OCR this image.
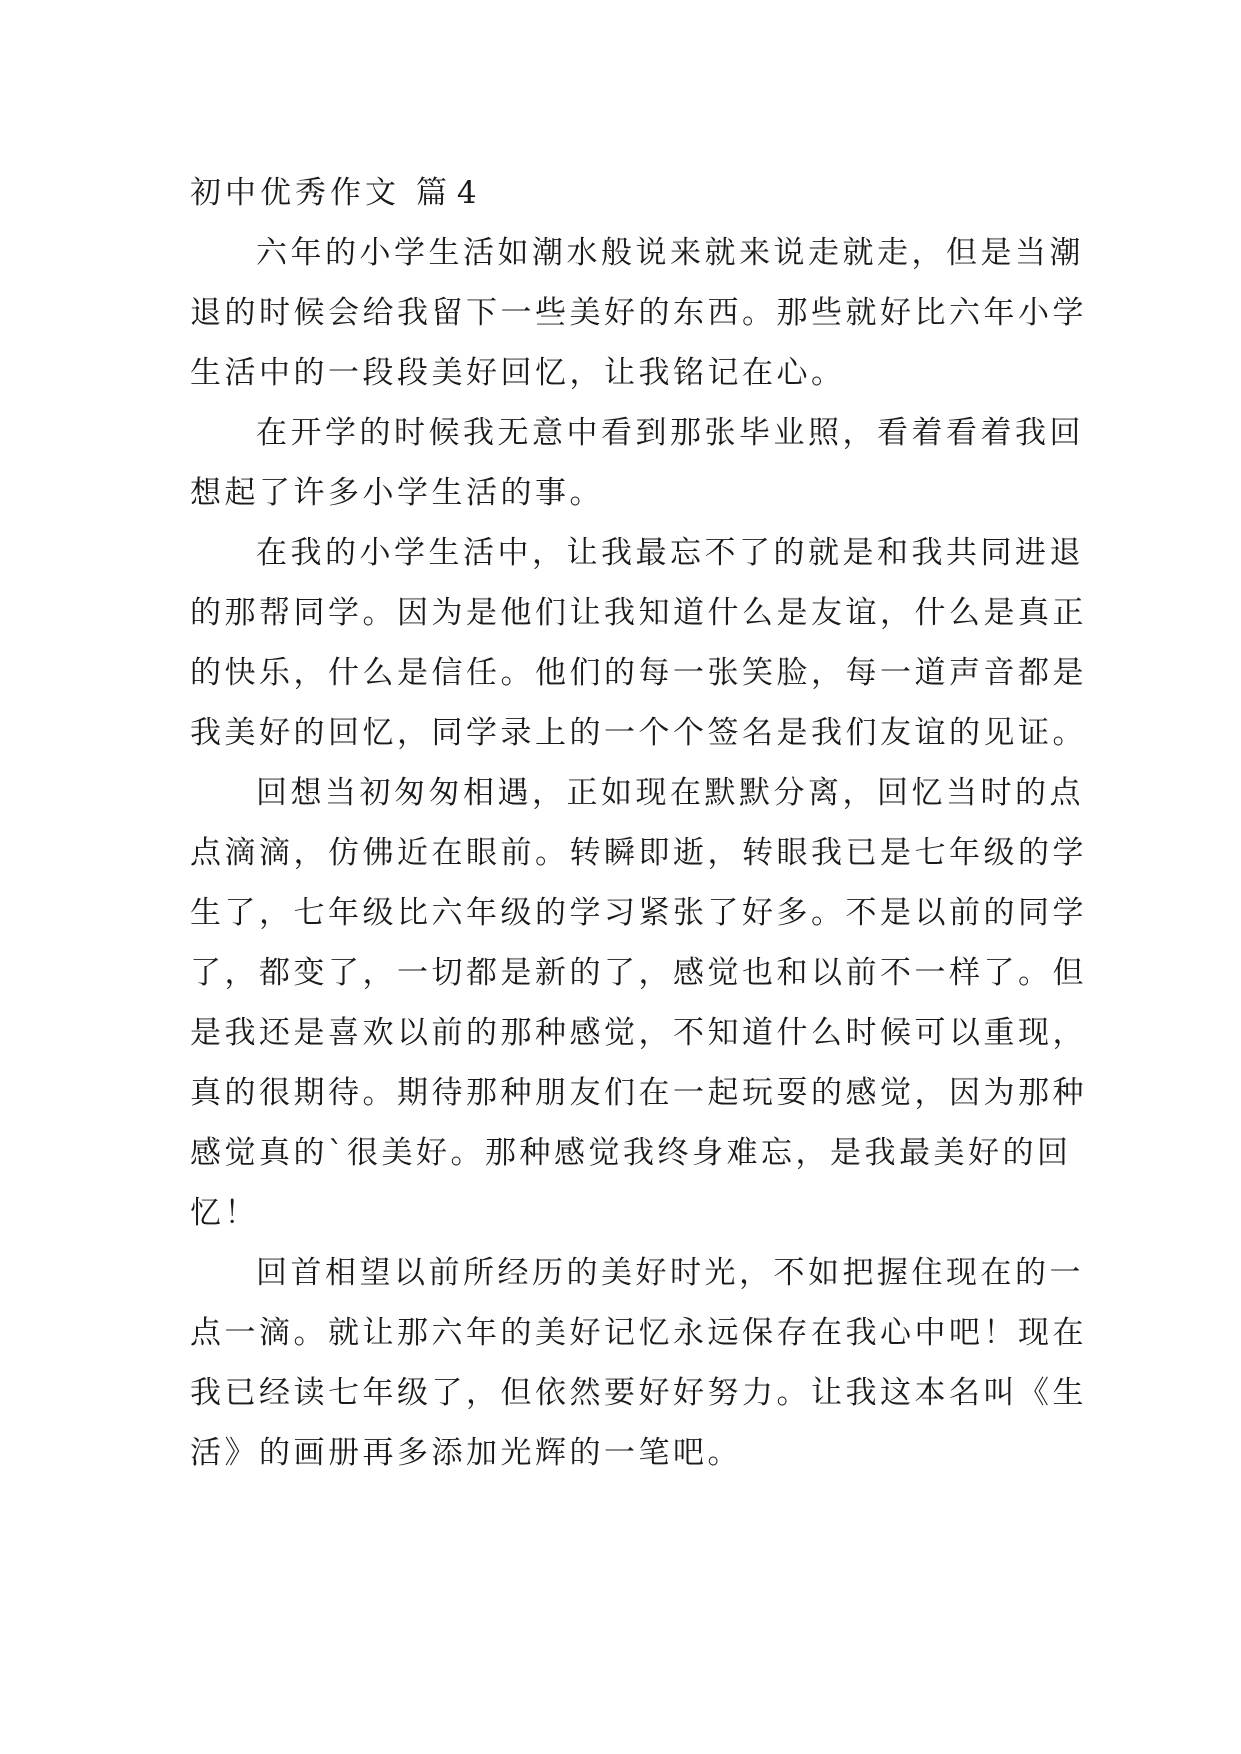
初中优秀作文 篇 4
六年的小学生活如潮水般说来就来说走就走，但是当潮
退的时候会给我留下一些美好的东西。那些就好比六年小学
生活中的一段段美好回忆，让我铭记在心。
在开学的时候我无意中看到那张毕业照，看着看着我回
想起了许多小学生活的事。
在我的小学生活中，让我最忘不了的就是和我共同进退
的那帮同学。因为是他们让我知道什么是友谊，什么是真正
的快乐，什么是信任。他们的每一张笑脸，每一道声音都是
我美好的回忆，同学录上的一个个签名是我们友谊的见证。
回想当初匆匆相遇，正如现在默默分离，回忆当时的点
点滴滴，仿佛近在眼前。转瞬即逝，转眼我已是七年级的学
生了，七年级比六年级的学习紧张了好多。不是以前的同学
了，都变了，一切都是新的了，感觉也和以前不一样了。但
是我还是喜欢以前的那种感觉，不知道什么时候可以重现，
真的很期待。期待那种朋友们在一起玩耍的感觉，因为那种
感觉真的`很美好。那种感觉我终身难忘，是我最美好的回
忆！
回首相望以前所经历的美好时光，不如把握住现在的一
点一滴。就让那六年的美好记忆永远保存在我心中吧！现在
我已经读七年级了，但依然要好好努力。让我这本名叫《生
活》的画册再多添加光辉的一笔吧。
